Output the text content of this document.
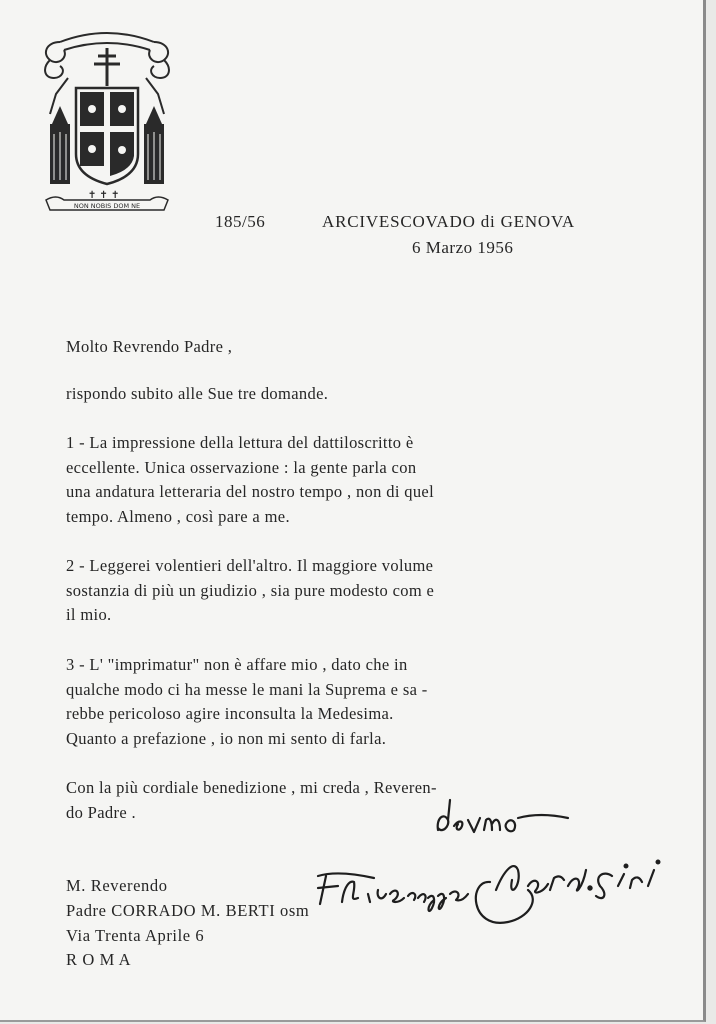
✝ ✝ ✝
NON NOBIS DOM NE
185/56	ARCIVESCOVADO di GENOVA
6 Marzo 1956
Molto Revrendo Padre ,
rispondo subito alle Sue tre domande.
1 - La impressione della lettura del dattiloscritto è
eccellente. Unica osservazione : la gente parla con
una andatura letteraria del nostro tempo , non di quel
tempo. Almeno , così pare a me.
2 - Leggerei volentieri dell'altro. Il maggiore volume
sostanzia di più un giudizio , sia pure modesto com e
il mio.
3 - L' "imprimatur" non è affare mio , dato che in
qualche modo ci ha messe le mani la Suprema e sa -
rebbe pericoloso agire inconsulta la Medesima.
Quanto a prefazione , io non mi sento di farla.
Con la più cordiale benedizione , mi creda , Reveren-
do Padre .
M. Reverendo
Padre CORRADO M. BERTI osm
Via Trenta Aprile 6
R O M A
